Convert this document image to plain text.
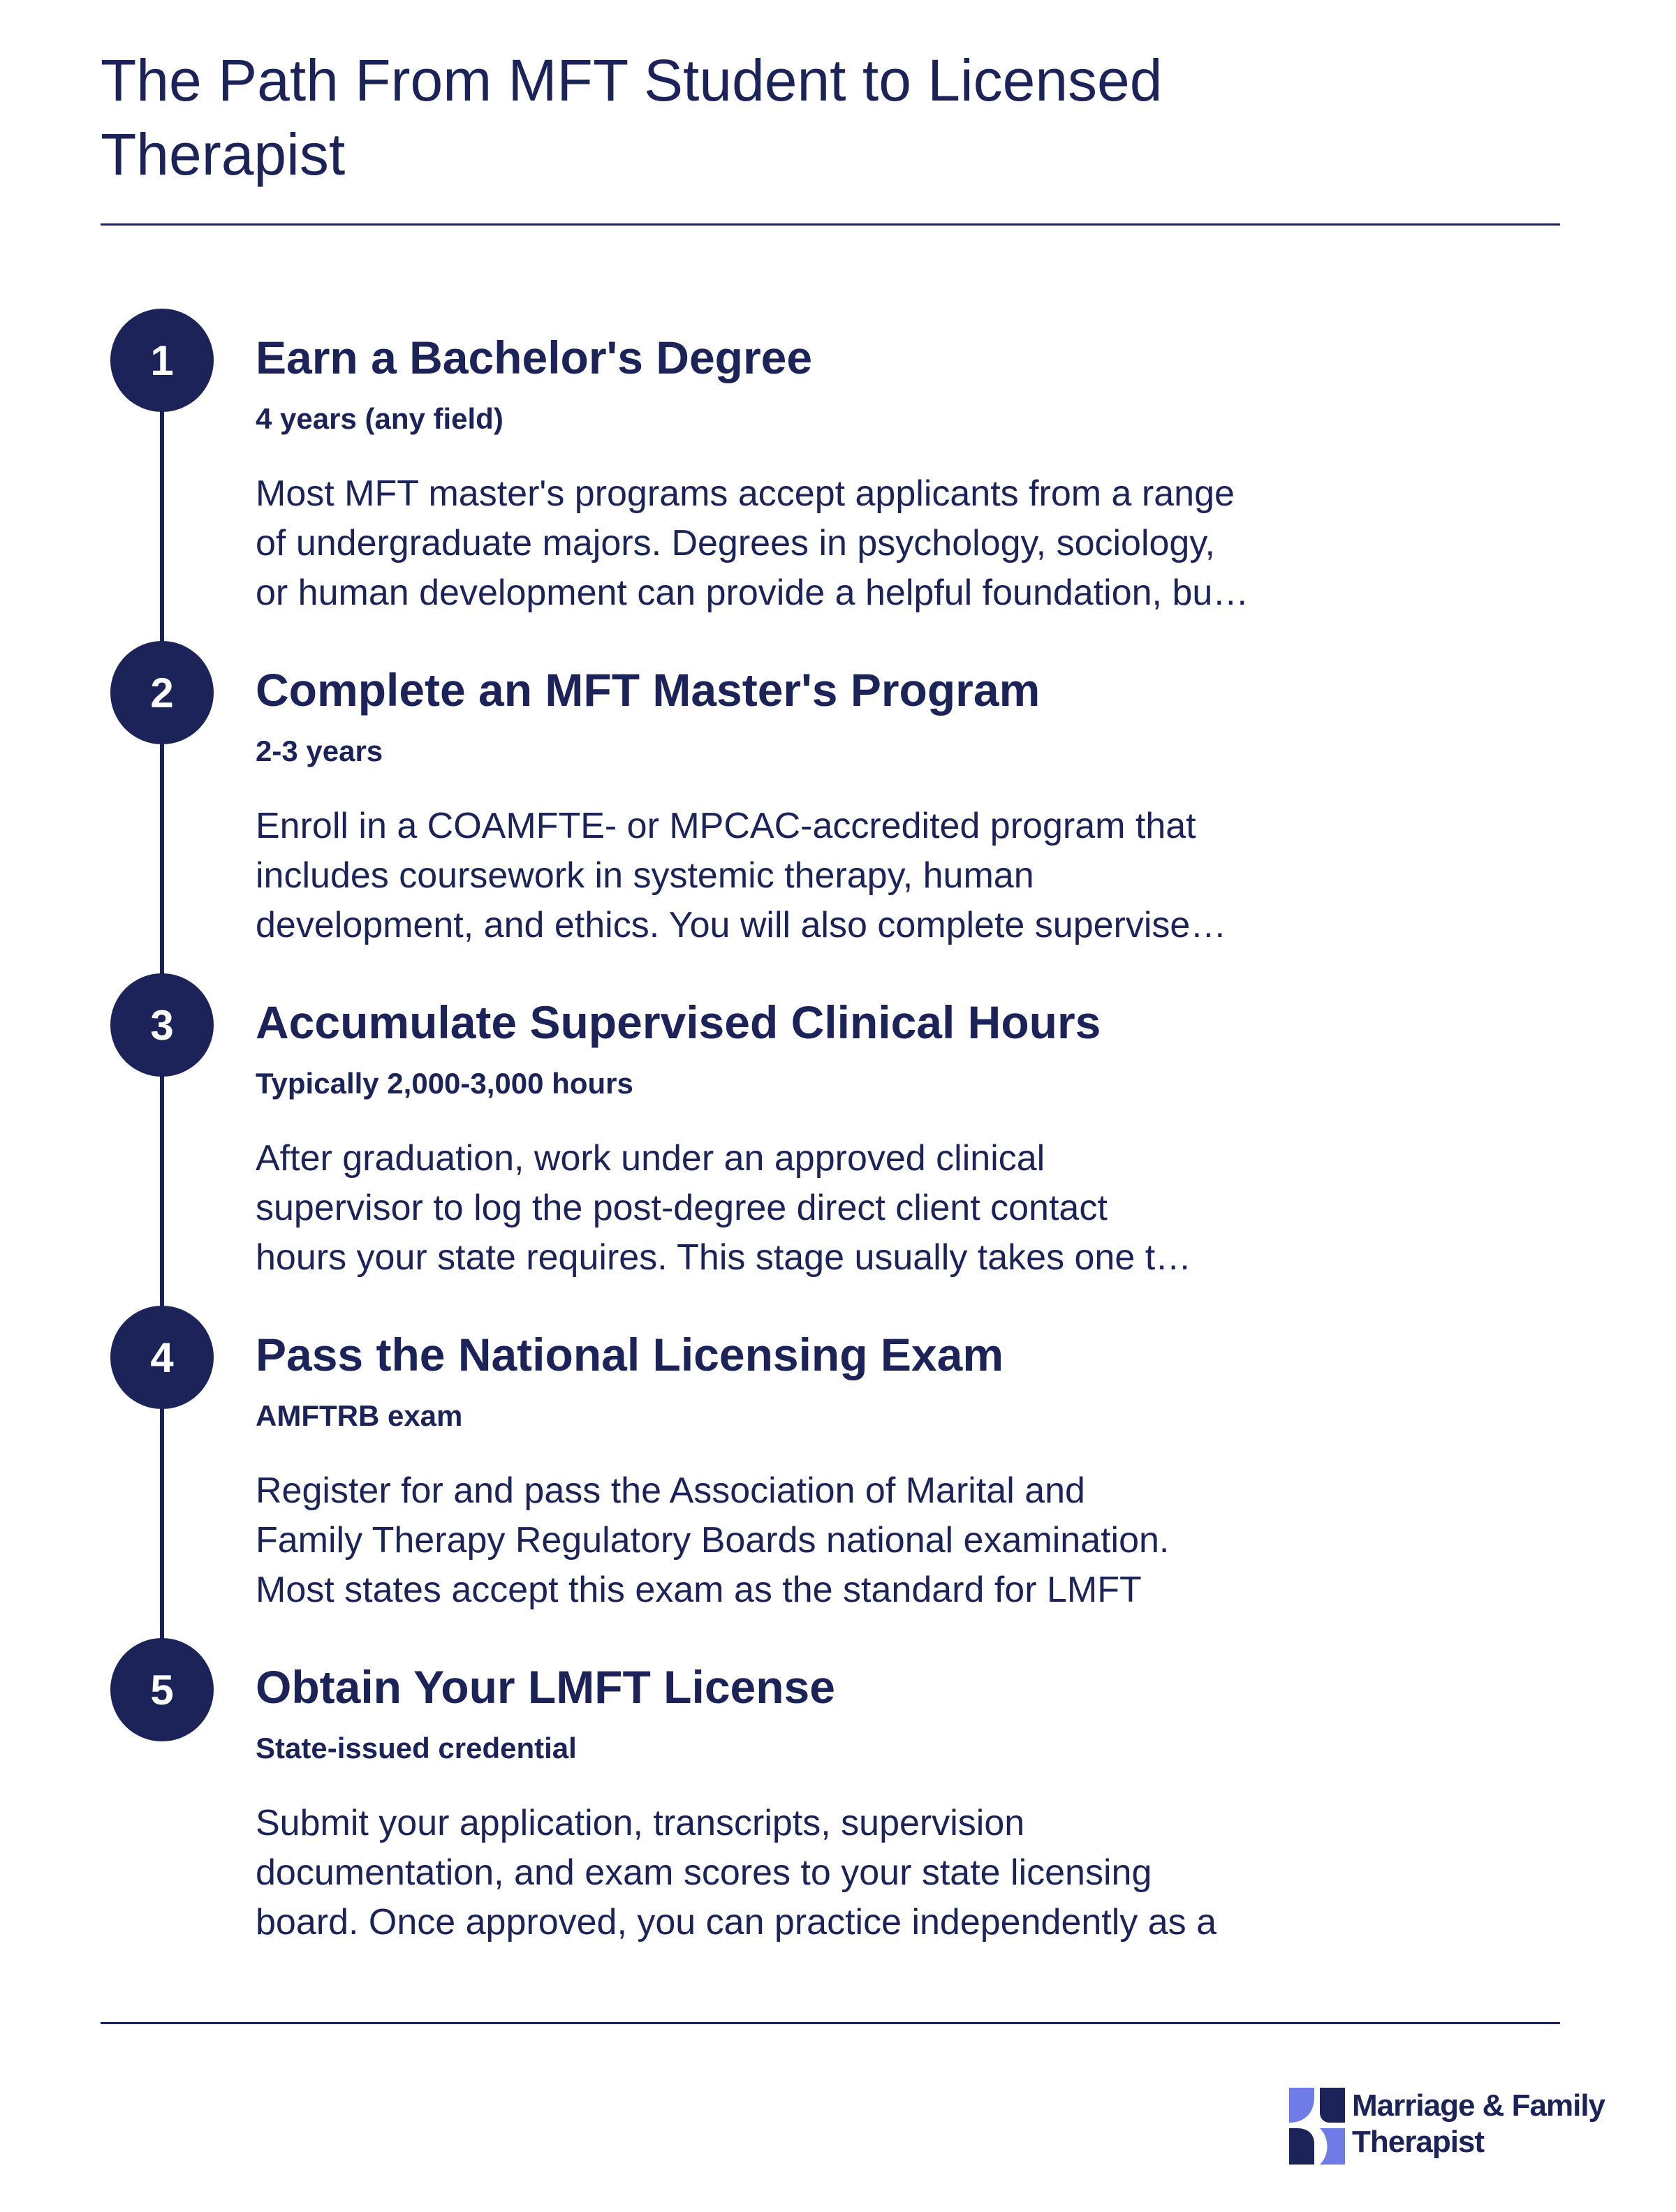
The Path From MFT Student to Licensed
Therapist
1	Earn a Bachelor's Degree
4 years (any field)

Most MFT master's programs accept applicants from a range
of undergraduate majors. Degrees in psychology, sociology,
or human development can provide a helpful foundation, bu…

2	Complete an MFT Master's Program
2-3 years

Enroll in a COAMFTE- or MPCAC-accredited program that
includes coursework in systemic therapy, human
development, and ethics. You will also complete supervise…

3	Accumulate Supervised Clinical Hours
Typically 2,000-3,000 hours

After graduation, work under an approved clinical
supervisor to log the post-degree direct client contact
hours your state requires. This stage usually takes one t…

4	Pass the National Licensing Exam
AMFTRB exam

Register for and pass the Association of Marital and
Family Therapy Regulatory Boards national examination.
Most states accept this exam as the standard for LMFT

5	Obtain Your LMFT License
State-issued credential

Submit your application, transcripts, supervision
documentation, and exam scores to your state licensing
board. Once approved, you can practice independently as a

Marriage & Family
Therapist
